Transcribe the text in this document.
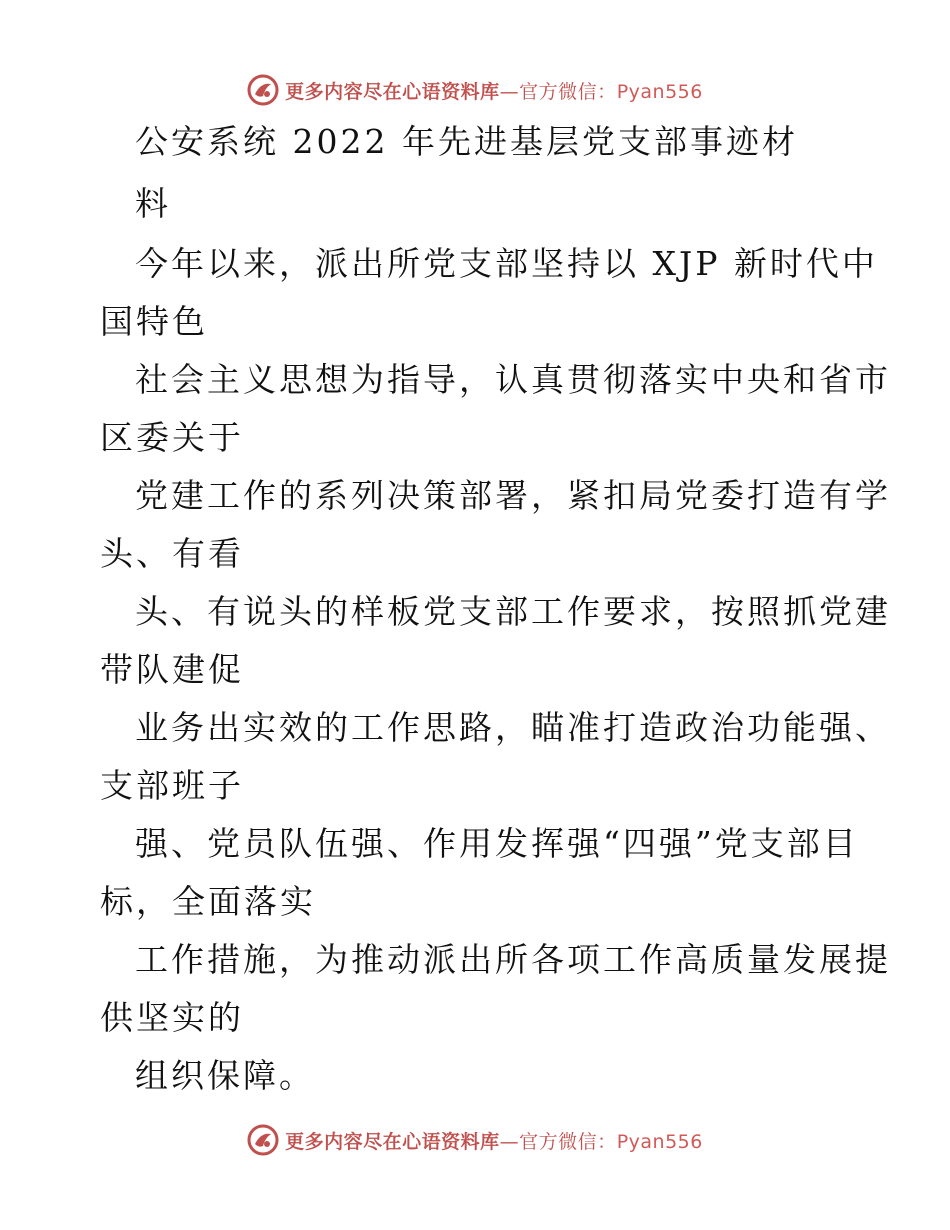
更多内容尽在心语资料库—官方微信：Pyan556
公安系统 2022 年先进基层党支部事迹材
料
今年以来，派出所党支部坚持以 XJP 新时代中
国特色
社会主义思想为指导，认真贯彻落实中央和省市
区委关于
党建工作的系列决策部署，紧扣局党委打造有学
头、有看
头、有说头的样板党支部工作要求，按照抓党建
带队建促
业务出实效的工作思路，瞄准打造政治功能强、
支部班子
强、党员队伍强、作用发挥强“四强”党支部目
标，全面落实
工作措施，为推动派出所各项工作高质量发展提
供坚实的
组织保障。
更多内容尽在心语资料库—官方微信：Pyan556
